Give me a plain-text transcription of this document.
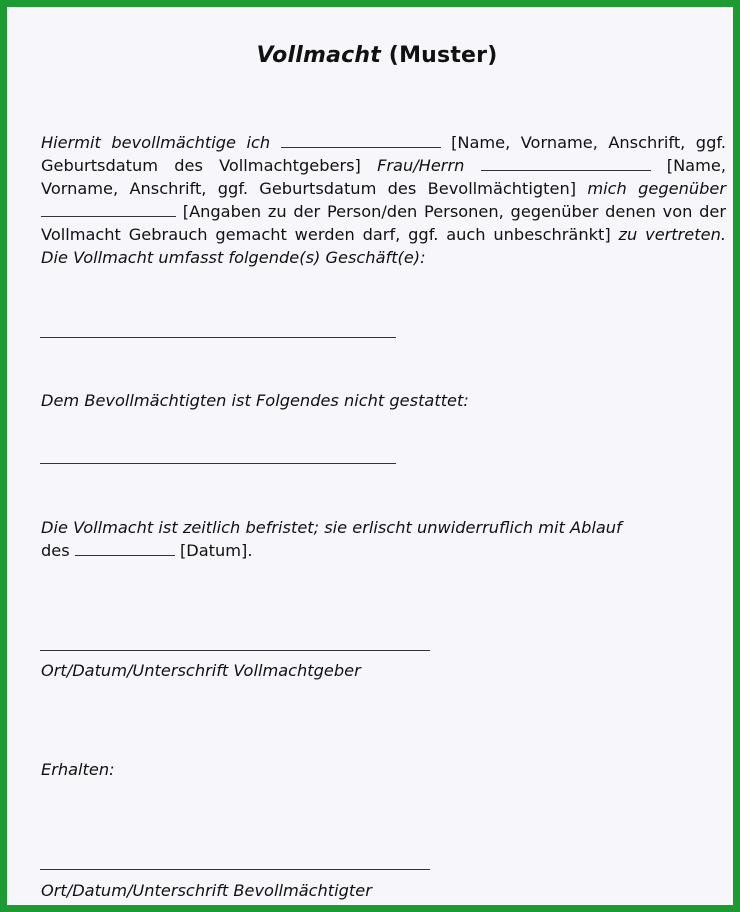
Vollmacht (Muster)
Hiermit bevollmächtige ich	[Name, Vorname, Anschrift, ggf. Geburtsdatum des Vollmachtgebers] Frau/Herrn	[Name, Vorname, Anschrift, ggf. Geburtsdatum des Bevollmächtigten] mich gegenüber  [Angaben zu der Person/den Personen, gegenüber denen von der Vollmacht Gebrauch gemacht werden darf, ggf. auch unbeschränkt] zu vertreten. Die Vollmacht umfasst folgende(s) Geschäft(e):
Dem Bevollmächtigten ist Folgendes nicht gestattet:
Die Vollmacht ist zeitlich befristet; sie erlischt unwiderruflich mit Ablauf
des	[Datum].
Ort/Datum/Unterschrift Vollmachtgeber
Erhalten:
Ort/Datum/Unterschrift Bevollmächtigter
